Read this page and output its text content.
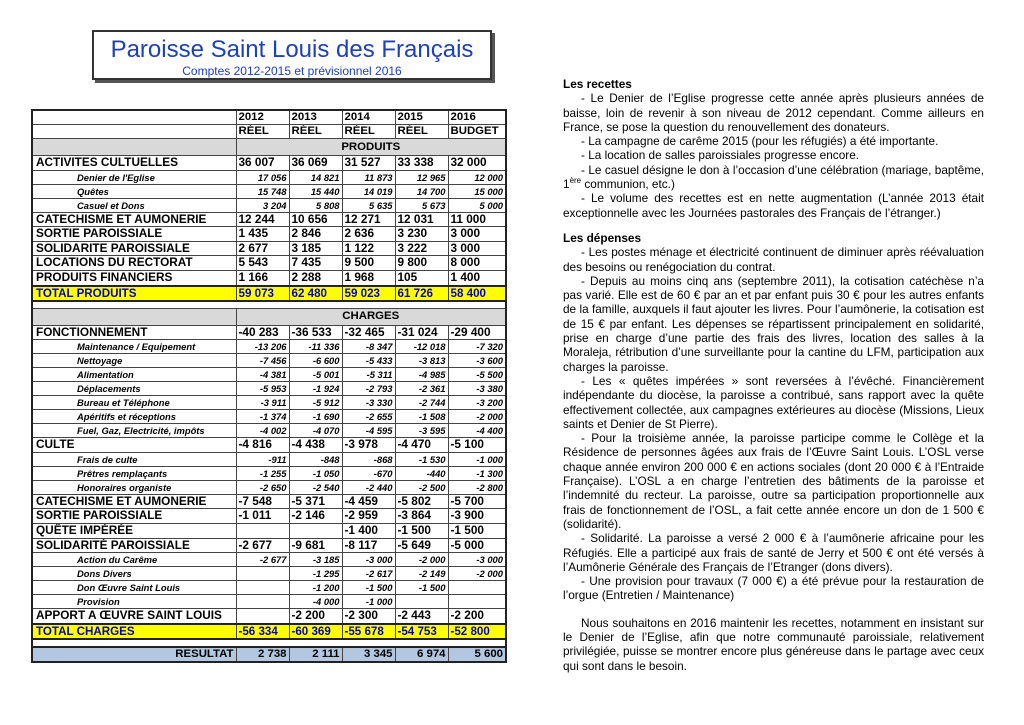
Paroisse Saint Louis des Français
Comptes 2012-2015 et prévisionnel 2016
	2012	2013	2014	2015	2016
	RÉEL	RÉEL	RÉEL	RÉEL	BUDGET
	PRODUITS				
ACTIVITES CULTUELLES	36 007	36 069	31 527	33 338	32 000
Denier de l'Eglise	17 056	14 821	11 873	12 965	12 000
Quêtes	15 748	15 440	14 019	14 700	15 000
Casuel et Dons	3 204	5 808	5 635	5 673	5 000
CATECHISME ET AUMONERIE	12 244	10 656	12 271	12 031	11 000
SORTIE PAROISSIALE	1 435	2 846	2 636	3 230	3 000
SOLIDARITE PAROISSIALE	2 677	3 185	1 122	3 222	3 000
LOCATIONS DU RECTORAT	5 543	7 435	9 500	9 800	8 000
PRODUITS FINANCIERS	1 166	2 288	1 968	105	1 400
TOTAL PRODUITS	59 073	62 480	59 023	61 726	58 400

	CHARGES				
FONCTIONNEMENT	-40 283	-36 533	-32 465	-31 024	-29 400
Maintenance / Equipement	-13 206	-11 336	-8 347	-12 018	-7 320
Nettoyage	-7 456	-6 600	-5 433	-3 813	-3 600
Alimentation	-4 381	-5 001	-5 311	-4 985	-5 500
Déplacements	-5 953	-1 924	-2 793	-2 361	-3 380
Bureau et Téléphone	-3 911	-5 912	-3 330	-2 744	-3 200
Apéritifs et réceptions	-1 374	-1 690	-2 655	-1 508	-2 000
Fuel, Gaz, Electricité, impôts	-4 002	-4 070	-4 595	-3 595	-4 400
CULTE	-4 816	-4 438	-3 978	-4 470	-5 100
Frais de culte	-911	-848	-868	-1 530	-1 000
Prêtres remplaçants	-1 255	-1 050	-670	-440	-1 300
Honoraires organiste	-2 650	-2 540	-2 440	-2 500	-2 800
CATECHISME ET AUMONERIE	-7 548	-5 371	-4 459	-5 802	-5 700
SORTIE PAROISSIALE	-1 011	-2 146	-2 959	-3 864	-3 900
QUÊTE IMPÉRÉE			-1 400	-1 500	-1 500
SOLIDARITÉ PAROISSIALE	-2 677	-9 681	-8 117	-5 649	-5 000
Action du Carême	-2 677	-3 185	-3 000	-2 000	-3 000
Dons Divers		-1 295	-2 617	-2 149	-2 000
Don Œuvre Saint Louis		-1 200	-1 500	-1 500	
Provision		-4 000	-1 000		
APPORT A ŒUVRE SAINT LOUIS		-2 200	-2 300	-2 443	-2 200
TOTAL CHARGES	-56 334	-60 369	-55 678	-54 753	-52 800

RESULTAT	2 738	2 111	3 345	6 974	5 600

Les recettes

- Le Denier de l’Eglise progresse cette année après plusieurs années de baisse, loin de revenir à son niveau de 2012 cependant. Comme ailleurs en France, se pose la question du renouvellement des donateurs.

- La campagne de carême 2015 (pour les réfugiés) a été importante.

- La location de salles paroissiales progresse encore.

- Le casuel désigne le don à l’occasion d’une célébration (mariage, baptême, 1ère communion, etc.)

- Le volume des recettes est en nette augmentation (L’année 2013 était exceptionnelle avec les Journées pastorales des Français de l’étranger.)

Les dépenses

- Les postes ménage et électricité continuent de diminuer après réévaluation des besoins ou renégociation du contrat.

- Depuis au moins cinq ans (septembre 2011), la cotisation catéchèse n’a pas varié. Elle est de 60 € par an et par enfant puis 30 € pour les autres enfants de la famille, auxquels il faut ajouter les livres. Pour l’aumônerie, la cotisation est de 15 € par enfant. Les dépenses se répartissent principalement en solidarité, prise en charge d’une partie des frais des livres, location des salles à la Moraleja, rétribution d’une surveillante pour la cantine du LFM, participation aux charges la paroisse.

- Les « quêtes impérées » sont reversées à l’évêché. Financièrement indépendante du diocèse, la paroisse a contribué, sans rapport avec la quête effectivement collectée, aux campagnes extérieures au diocèse (Missions, Lieux saints et Denier de St Pierre).

- Pour la troisième année, la paroisse participe comme le Collège et la Résidence de personnes âgées aux frais de l’Œuvre Saint Louis. L’OSL verse chaque année environ 200 000 € en actions sociales (dont 20 000 € à l’Entraide Française). L’OSL a en charge l’entretien des bâtiments de la paroisse et l’indemnité du recteur. La paroisse, outre sa participation proportionnelle aux frais de fonctionnement de l’OSL, a fait cette année encore un don de 1 500 € (solidarité).

- Solidarité. La paroisse a versé 2 000 € à l’aumônerie africaine pour les Réfugiés. Elle a participé aux frais de santé de Jerry et 500 € ont été versés à l’Aumônerie Générale des Français de l’Etranger (dons divers).

- Une provision pour travaux (7 000 €) a été prévue pour la restauration de l’orgue (Entretien / Maintenance)

Nous souhaitons en 2016 maintenir les recettes, notamment en insistant sur le Denier de l’Eglise, afin que notre communauté paroissiale, relativement privilégiée, puisse se montrer encore plus généreuse dans le partage avec ceux qui sont dans le besoin.
